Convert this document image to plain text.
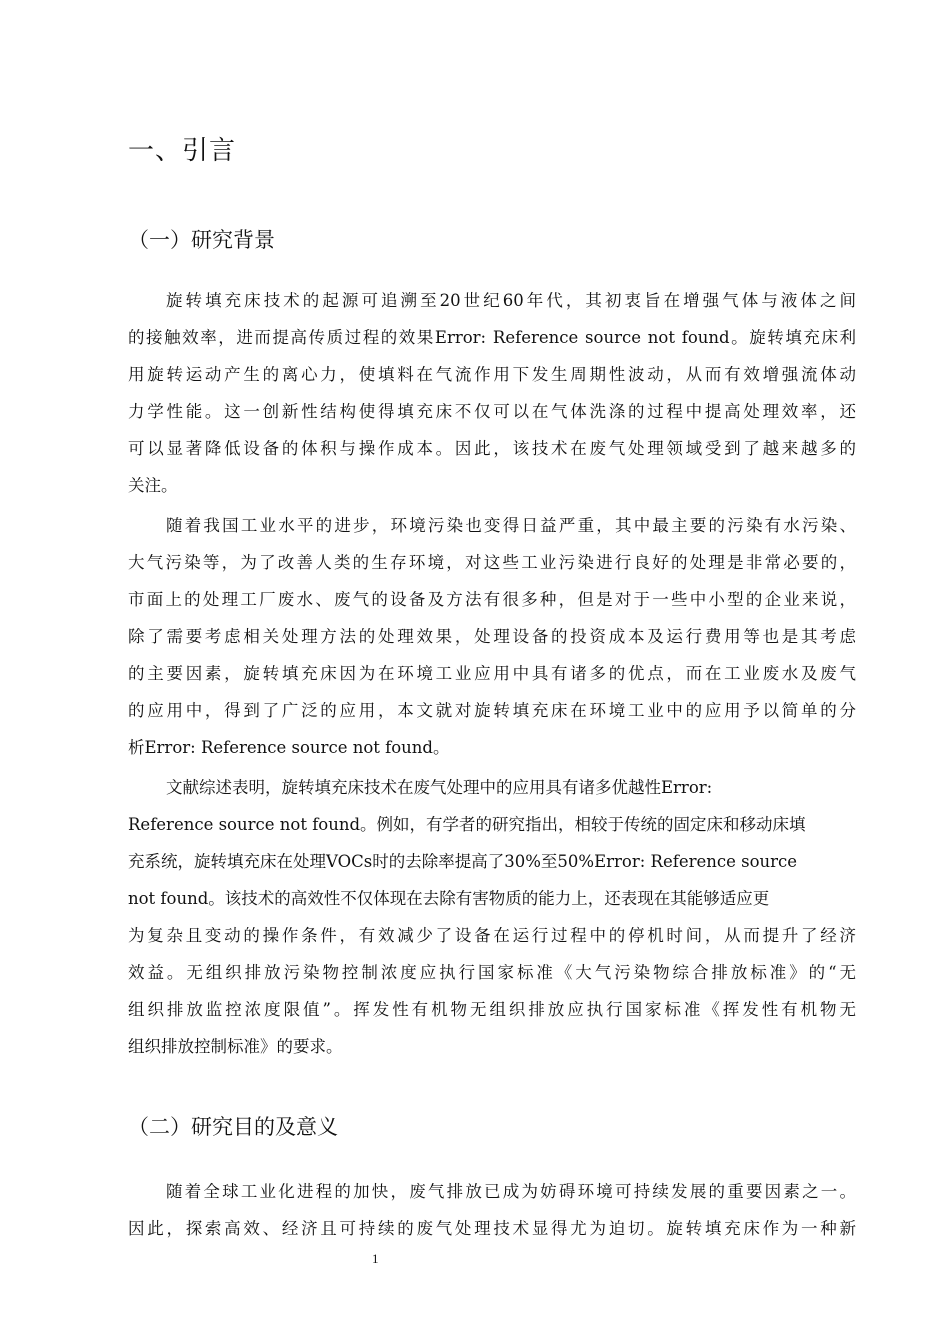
一、引言
（一）研究背景
旋转填充床技术的起源可追溯至20世纪60年代，其初衷旨在增强气体与液体之间
的接触效率，进而提高传质过程的效果Error: Reference source not found。旋转填充床利
用旋转运动产生的离心力，使填料在气流作用下发生周期性波动，从而有效增强流体动
力学性能。这一创新性结构使得填充床不仅可以在气体洗涤的过程中提高处理效率，还
可以显著降低设备的体积与操作成本。因此，该技术在废气处理领域受到了越来越多的
关注。
随着我国工业水平的进步，环境污染也变得日益严重，其中最主要的污染有水污染、
大气污染等，为了改善人类的生存环境，对这些工业污染进行良好的处理是非常必要的，
市面上的处理工厂废水、废气的设备及方法有很多种，但是对于一些中小型的企业来说，
除了需要考虑相关处理方法的处理效果，处理设备的投资成本及运行费用等也是其考虑
的主要因素，旋转填充床因为在环境工业应用中具有诸多的优点，而在工业废水及废气
的应用中，得到了广泛的应用，本文就对旋转填充床在环境工业中的应用予以简单的分
析Error: Reference source not found。
文献综述表明，旋转填充床技术在废气处理中的应用具有诸多优越性Error:
Reference source not found。例如，有学者的研究指出，相较于传统的固定床和移动床填
充系统，旋转填充床在处理VOCs时的去除率提高了30%至50%Error: Reference source
not found。该技术的高效性不仅体现在去除有害物质的能力上，还表现在其能够适应更
为复杂且变动的操作条件，有效减少了设备在运行过程中的停机时间，从而提升了经济
效益。无组织排放污染物控制浓度应执行国家标准《大气污染物综合排放标准》的“无
组织排放监控浓度限值”。挥发性有机物无组织排放应执行国家标准《挥发性有机物无
组织排放控制标准》的要求。
（二）研究目的及意义
随着全球工业化进程的加快，废气排放已成为妨碍环境可持续发展的重要因素之一。
因此，探索高效、经济且可持续的废气处理技术显得尤为迫切。旋转填充床作为一种新
1
